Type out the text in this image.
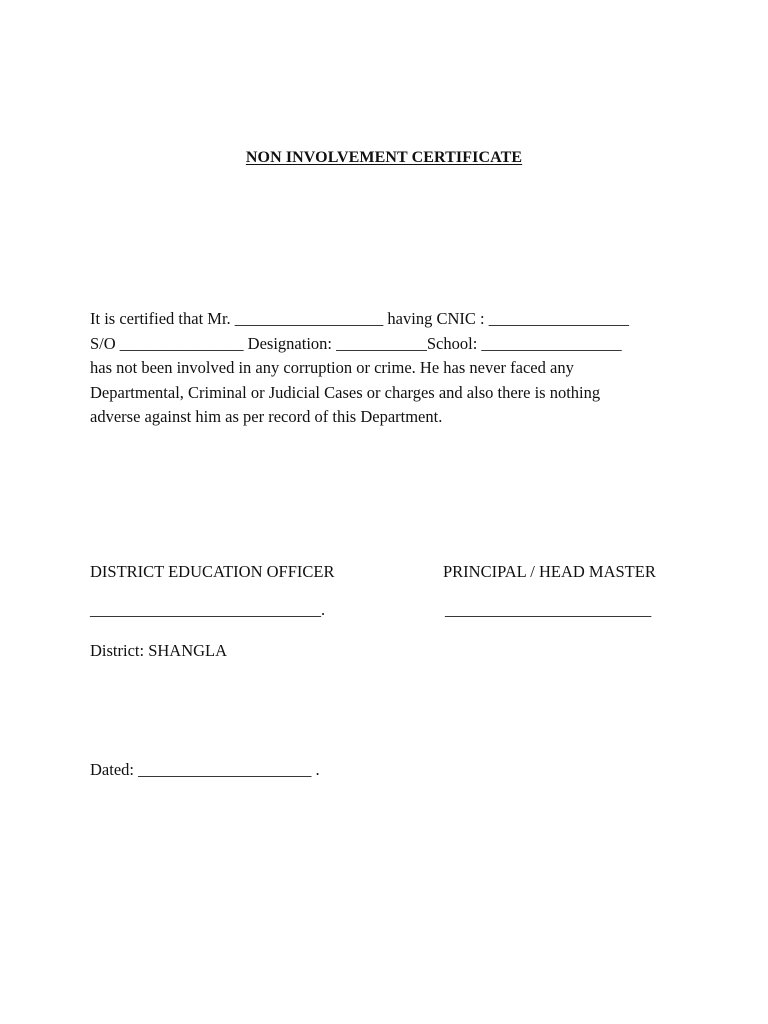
NON INVOLVEMENT CERTIFICATE
It is certified that Mr. __________________ having CNIC : _________________
S/O _______________ Designation: ___________School: _________________
has not been involved in any corruption or crime. He has never faced any
Departmental, Criminal or Judicial Cases or charges and also there is nothing
adverse against him as per record of this Department.
DISTRICT EDUCATION OFFICER	PRINCIPAL / HEAD MASTER
____________________________.	_________________________
District: SHANGLA
Dated: _____________________ .
